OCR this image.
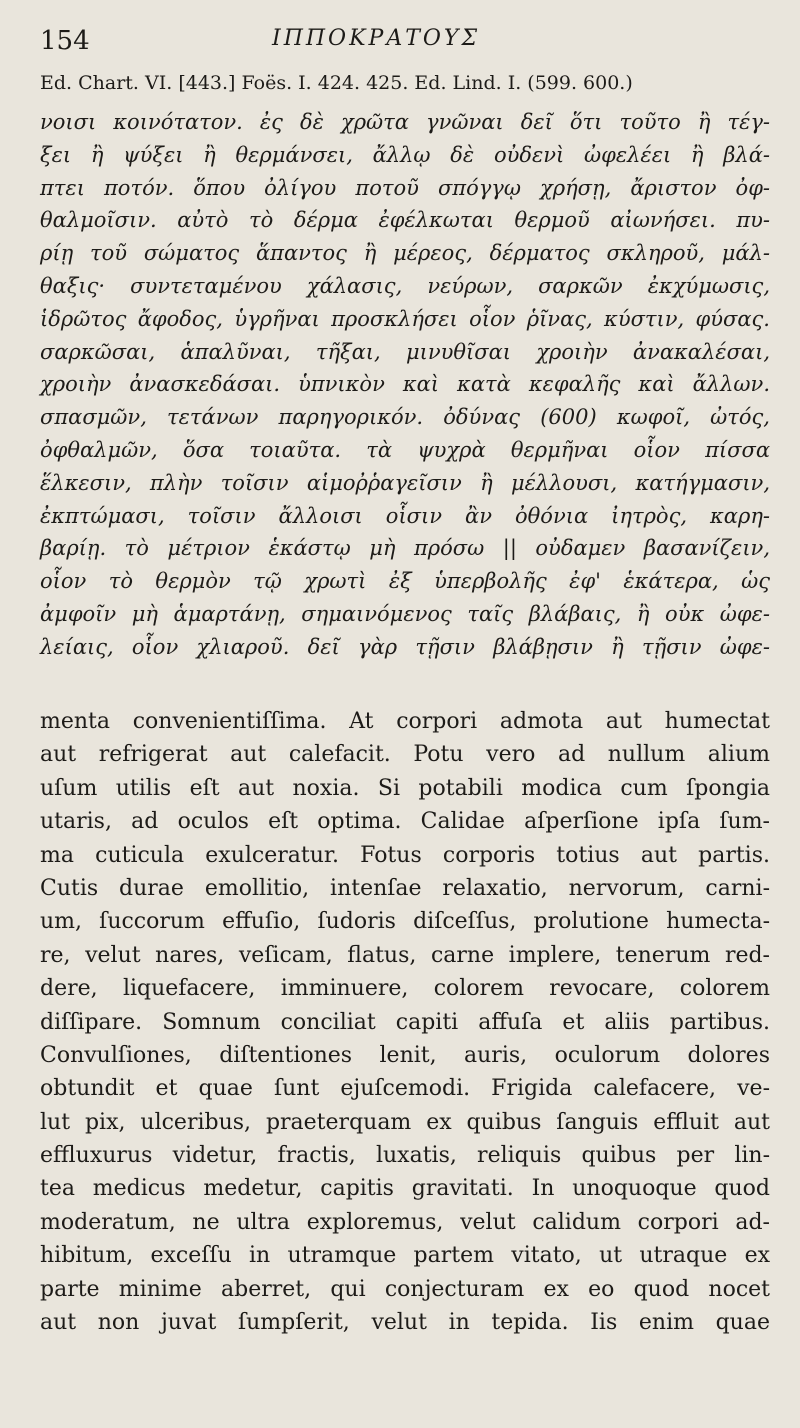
154	ΙΠΠΟΚΡΑΤΟΥΣ
Ed. Chart. VI. [443.] Foës. I. 424. 425. Ed. Lind. I. (599. 600.)
νοισι κοινότατον. ἐς δὲ χρῶτα γνῶναι δεῖ ὅτι τοῦτο ἢ τέγ-
ξει ἢ ψύξει ἢ θερμάνσει, ἄλλῳ δὲ οὐδενὶ ὠφελέει ἢ βλά-
πτει ποτόν. ὅπου ὀλίγου ποτοῦ σπόγγῳ χρήσῃ, ἄριστον ὀφ-
θαλμοῖσιν. αὐτὸ τὸ δέρμα ἐφέλκωται θερμοῦ αἰωνήσει. πυ-
ρίῃ τοῦ σώματος ἅπαντος ἢ μέρεος, δέρματος σκληροῦ, μάλ-
θαξις· συντεταμένου χάλασις, νεύρων, σαρκῶν ἐκχύμωσις,
ἱδρῶτος ἄφοδος, ὑγρῆναι προσκλήσει οἷον ῥῖνας, κύστιν, φύσας.
σαρκῶσαι, ἁπαλῦναι, τῆξαι, μινυθῖσαι χροιὴν ἀνακαλέσαι,
χροιὴν ἀνασκεδάσαι. ὑπνικὸν καὶ κατὰ κεφαλῆς καὶ ἄλλων.
σπασμῶν, τετάνων παρηγορικόν. ὀδύνας (600) κωφοῖ, ὠτός,
ὀφθαλμῶν, ὅσα τοιαῦτα. τὰ ψυχρὰ θερμῆναι οἷον πίσσα
ἕλκεσιν, πλὴν τοῖσιν αἱμοῤῥαγεῖσιν ἢ μέλλουσι, κατήγμασιν,
ἐκπτώμασι, τοῖσιν ἄλλοισι οἷσιν ἂν ὀθόνια ἰητρὸς, καρη-
βαρίῃ. τὸ μέτριον ἑκάστῳ μὴ πρόσω || οὐδαμεν βασανίζειν,
οἷον τὸ θερμὸν τῷ χρωτὶ ἐξ ὑπερβολῆς ἐφ' ἑκάτερα, ὡς
ἀμφοῖν μὴ ἁμαρτάνῃ, σημαινόμενος ταῖς βλάβαις, ἢ οὐκ ὠφε-
λείαις, οἷον χλιαροῦ. δεῖ γὰρ τῇσιν βλάβῃσιν ἢ τῇσιν ὠφε-
menta convenientiſſima. At corpori admota aut humectat
aut refrigerat aut calefacit. Potu vero ad nullum alium
uſum utilis eſt aut noxia. Si potabili modica cum ſpongia
utaris, ad oculos eſt optima. Calidae aſperſione ipſa ſum-
ma cuticula exulceratur. Fotus corporis totius aut partis.
Cutis durae emollitio, intenſae relaxatio, nervorum, carni-
um, ſuccorum effuſio, ſudoris diſceſſus, prolutione humecta-
re, velut nares, veſicam, flatus, carne implere, tenerum red-
dere, liquefacere, imminuere, colorem revocare, colorem
diſſipare. Somnum conciliat capiti affuſa et aliis partibus.
Convulſiones, diſtentiones lenit, auris, oculorum dolores
obtundit et quae ſunt ejuſcemodi. Frigida calefacere, ve-
lut pix, ulceribus, praeterquam ex quibus ſanguis effluit aut
effluxurus videtur, fractis, luxatis, reliquis quibus per lin-
tea medicus medetur, capitis gravitati. In unoquoque quod
moderatum, ne ultra exploremus, velut calidum corpori ad-
hibitum, exceſſu in utramque partem vitato, ut utraque ex
parte minime aberret, qui conjecturam ex eo quod nocet
aut non juvat ſumpſerit, velut in tepida. Iis enim quae
